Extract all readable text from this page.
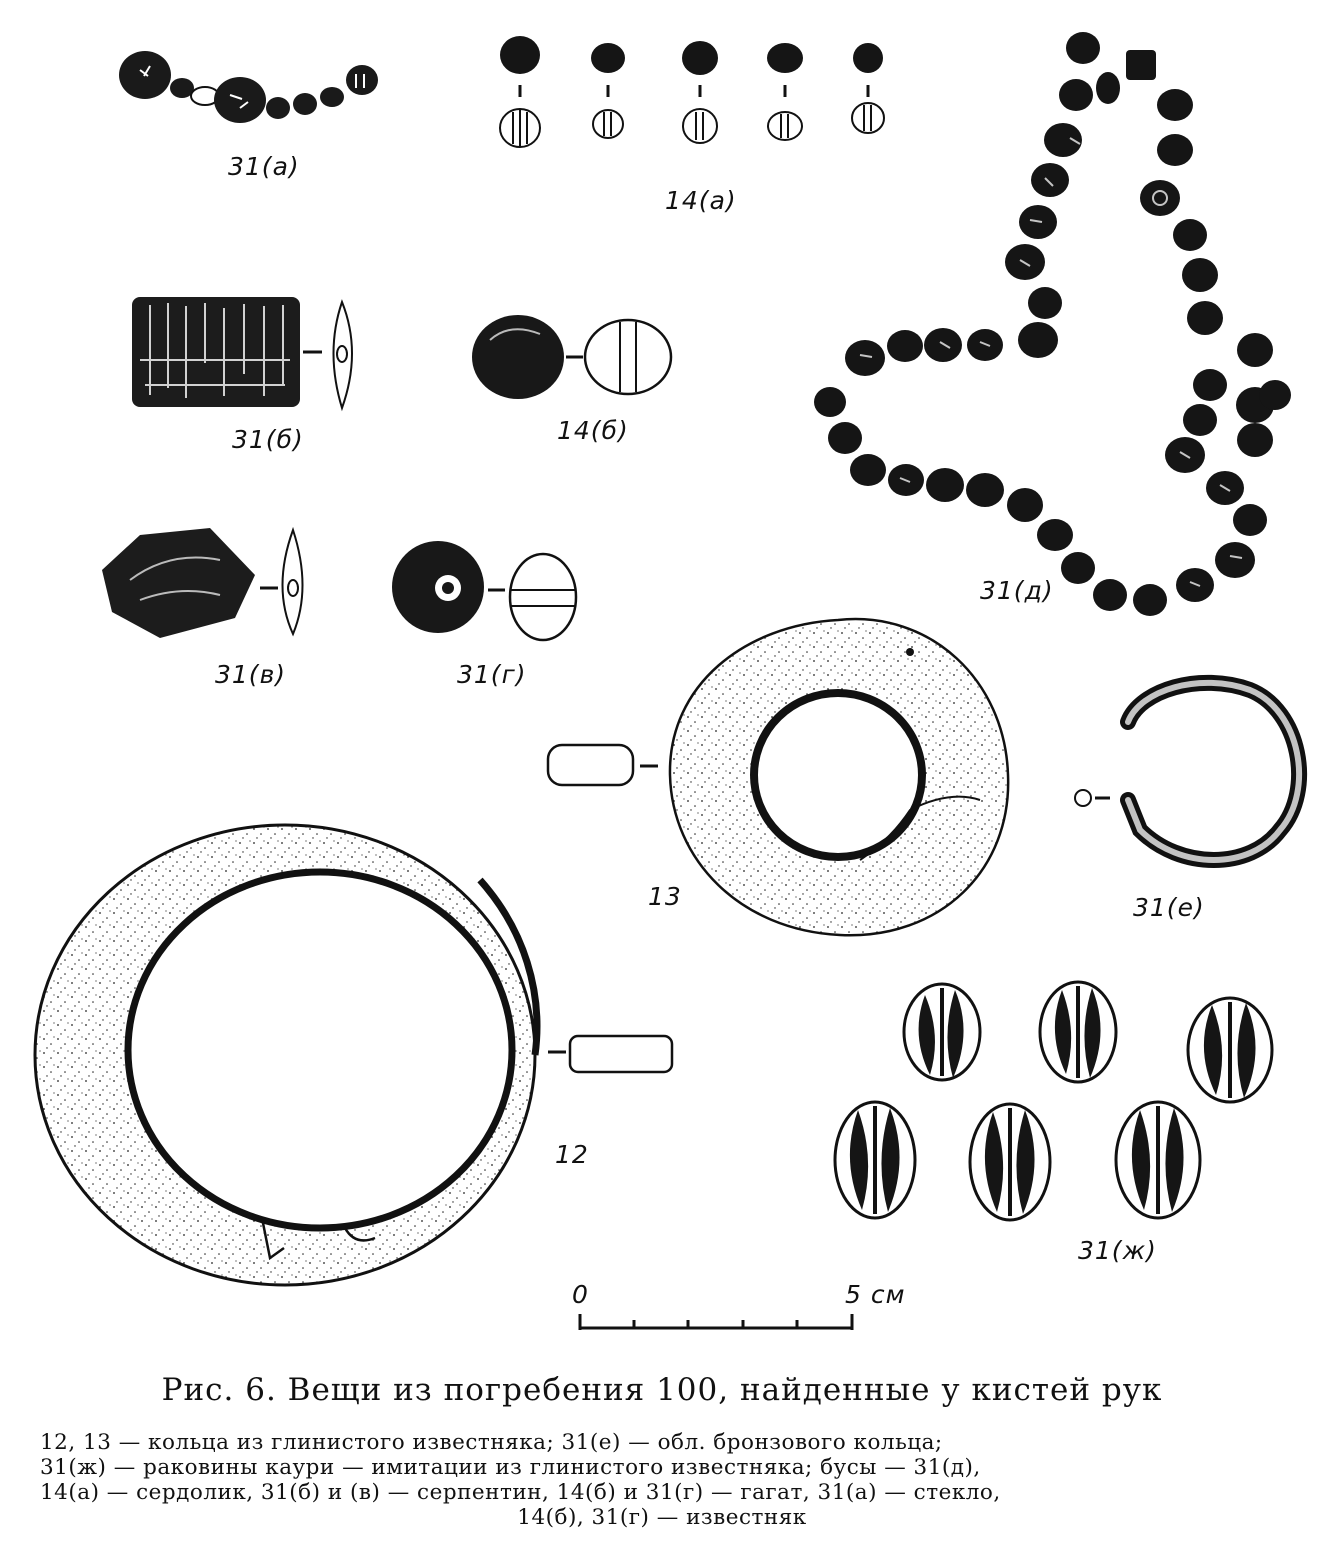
31(а)
14(а)
31(б)	14(б)
31(в)	31(г)
31(д)
13
12
31(е)
31(ж)
0	5 см
Рис. 6. Вещи из погребения 100, найденные у кистей рук
12, 13 — кольца из глинистого известняка; 31(е) — обл. бронзового кольца;
31(ж) — раковины каури — имитации из глинистого известняка; бусы — 31(д),
14(а) — сердолик, 31(б) и (в) — серпентин, 14(б) и 31(г) — гагат, 31(а) — стекло,
14(б), 31(г) — известняк
